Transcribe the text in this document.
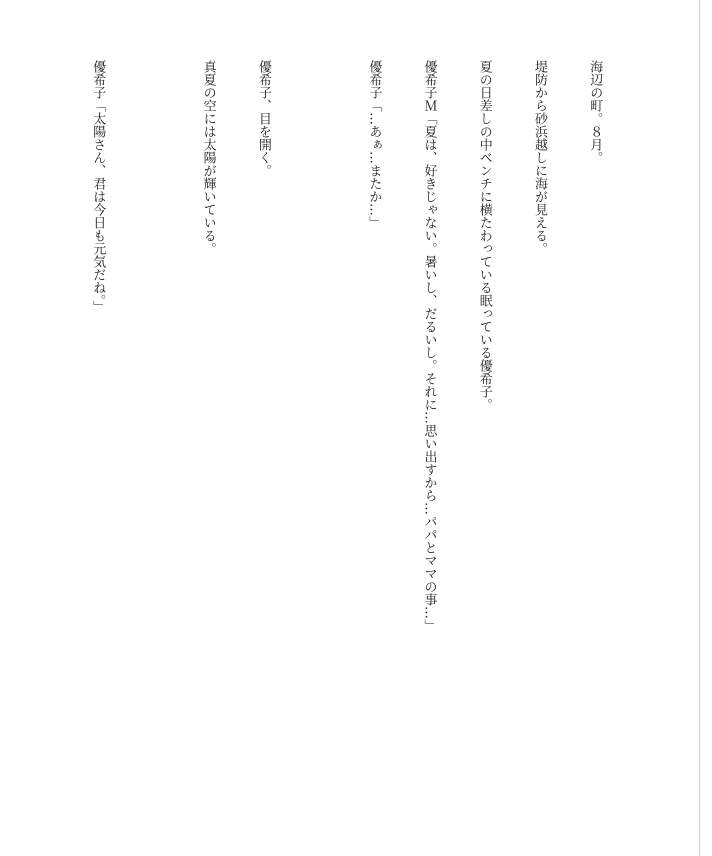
海辺の町。８月。

堤防から砂浜越しに海が見える。

夏の日差しの中ベンチに横たわっている眠っている優希子。

優希子Ｍ「夏は、好きじゃない。暑いし、だるいし。それに…思い出すから…パパとママの事…」

優希子「…あぁ…またか…」

優希子、目を開く。

真夏の空には太陽が輝いている。

優希子「太陽さん、君は今日も元気だね。」
